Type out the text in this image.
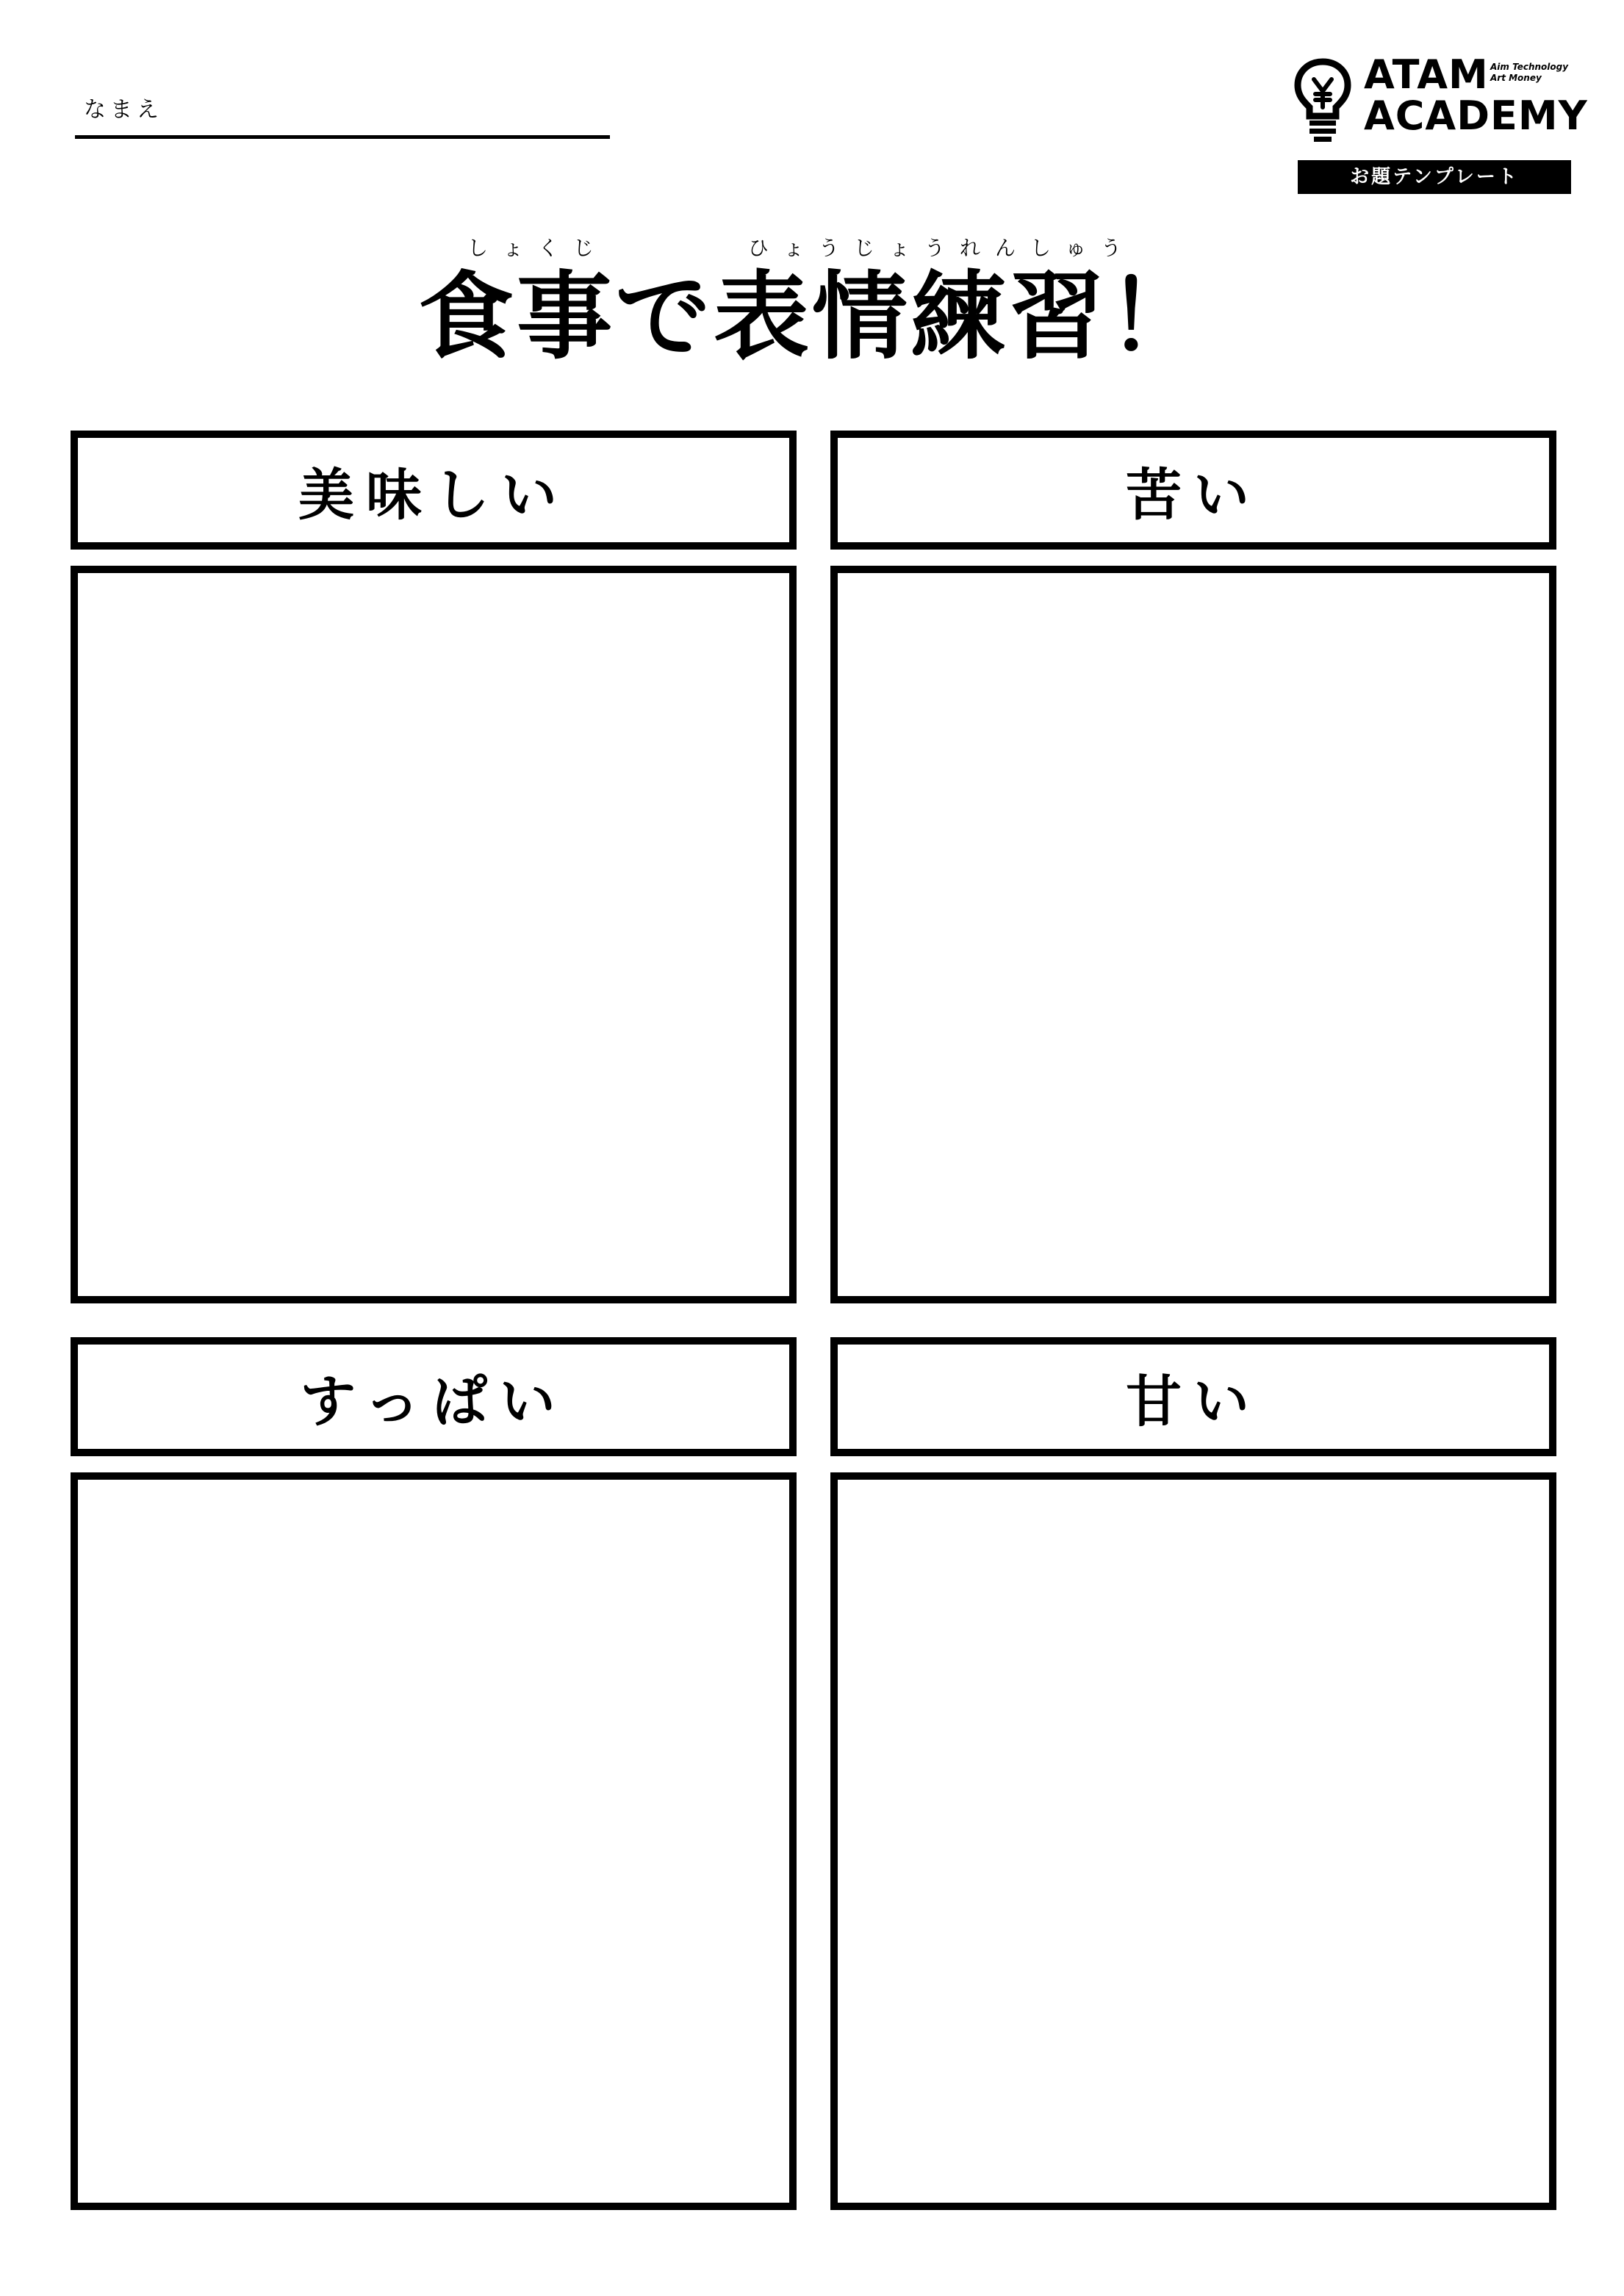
なまえ
ATAM
ACADEMY
Aim Technology
Art Money
お題テンプレート
しょくじ	ひょうじょうれんしゅう
食事で表情練習！
美味しい	苦い
すっぱい	甘い
